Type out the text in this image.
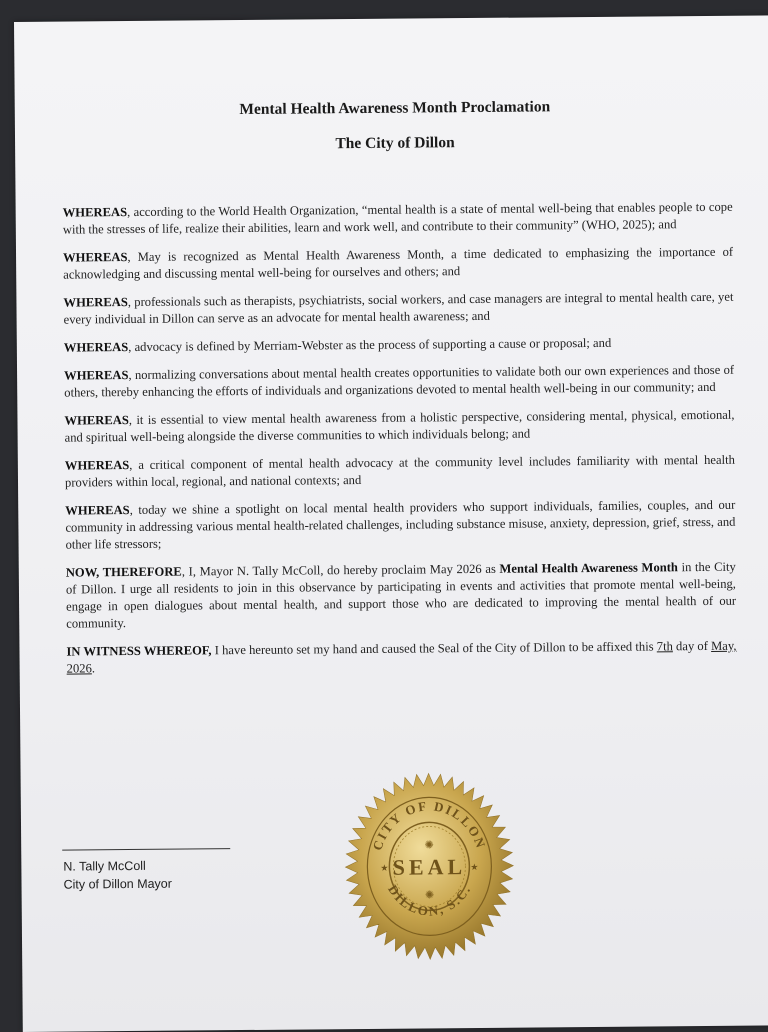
Mental Health Awareness Month Proclamation
The City of Dillon

WHEREAS, according to the World Health Organization, “mental health is a state of mental well-being that enables people to cope with the stresses of life, realize their abilities, learn and work well, and contribute to their community” (WHO, 2025); and

WHEREAS, May is recognized as Mental Health Awareness Month, a time dedicated to emphasizing the importance of acknowledging and discussing mental well-being for ourselves and others; and

WHEREAS, professionals such as therapists, psychiatrists, social workers, and case managers are integral to mental health care, yet every individual in Dillon can serve as an advocate for mental health awareness; and

WHEREAS, advocacy is defined by Merriam-Webster as the process of supporting a cause or proposal; and

WHEREAS, normalizing conversations about mental health creates opportunities to validate both our own experiences and those of others, thereby enhancing the efforts of individuals and organizations devoted to mental health well-being in our community; and

WHEREAS, it is essential to view mental health awareness from a holistic perspective, considering mental, physical, emotional, and spiritual well-being alongside the diverse communities to which individuals belong; and

WHEREAS, a critical component of mental health advocacy at the community level includes familiarity with mental health providers within local, regional, and national contexts; and

WHEREAS, today we shine a spotlight on local mental health providers who support individuals, families, couples, and our community in addressing various mental health-related challenges, including substance misuse, anxiety, depression, grief, stress, and other life stressors;

NOW, THEREFORE, I, Mayor N. Tally McColl, do hereby proclaim May 2026 as Mental Health Awareness Month in the City of Dillon. I urge all residents to join in this observance by participating in events and activities that promote mental well-being, engage in open dialogues about mental health, and support those who are dedicated to improving the mental health of our community.

IN WITNESS WHEREOF, I have hereunto set my hand and caused the Seal of the City of Dillon to be affixed this 7th day of May, 2026.

N. Tally McColl
City of Dillon Mayor
CITY OF DILLON
DILLON, S.C.
SEAL
✺
✺
★	★
